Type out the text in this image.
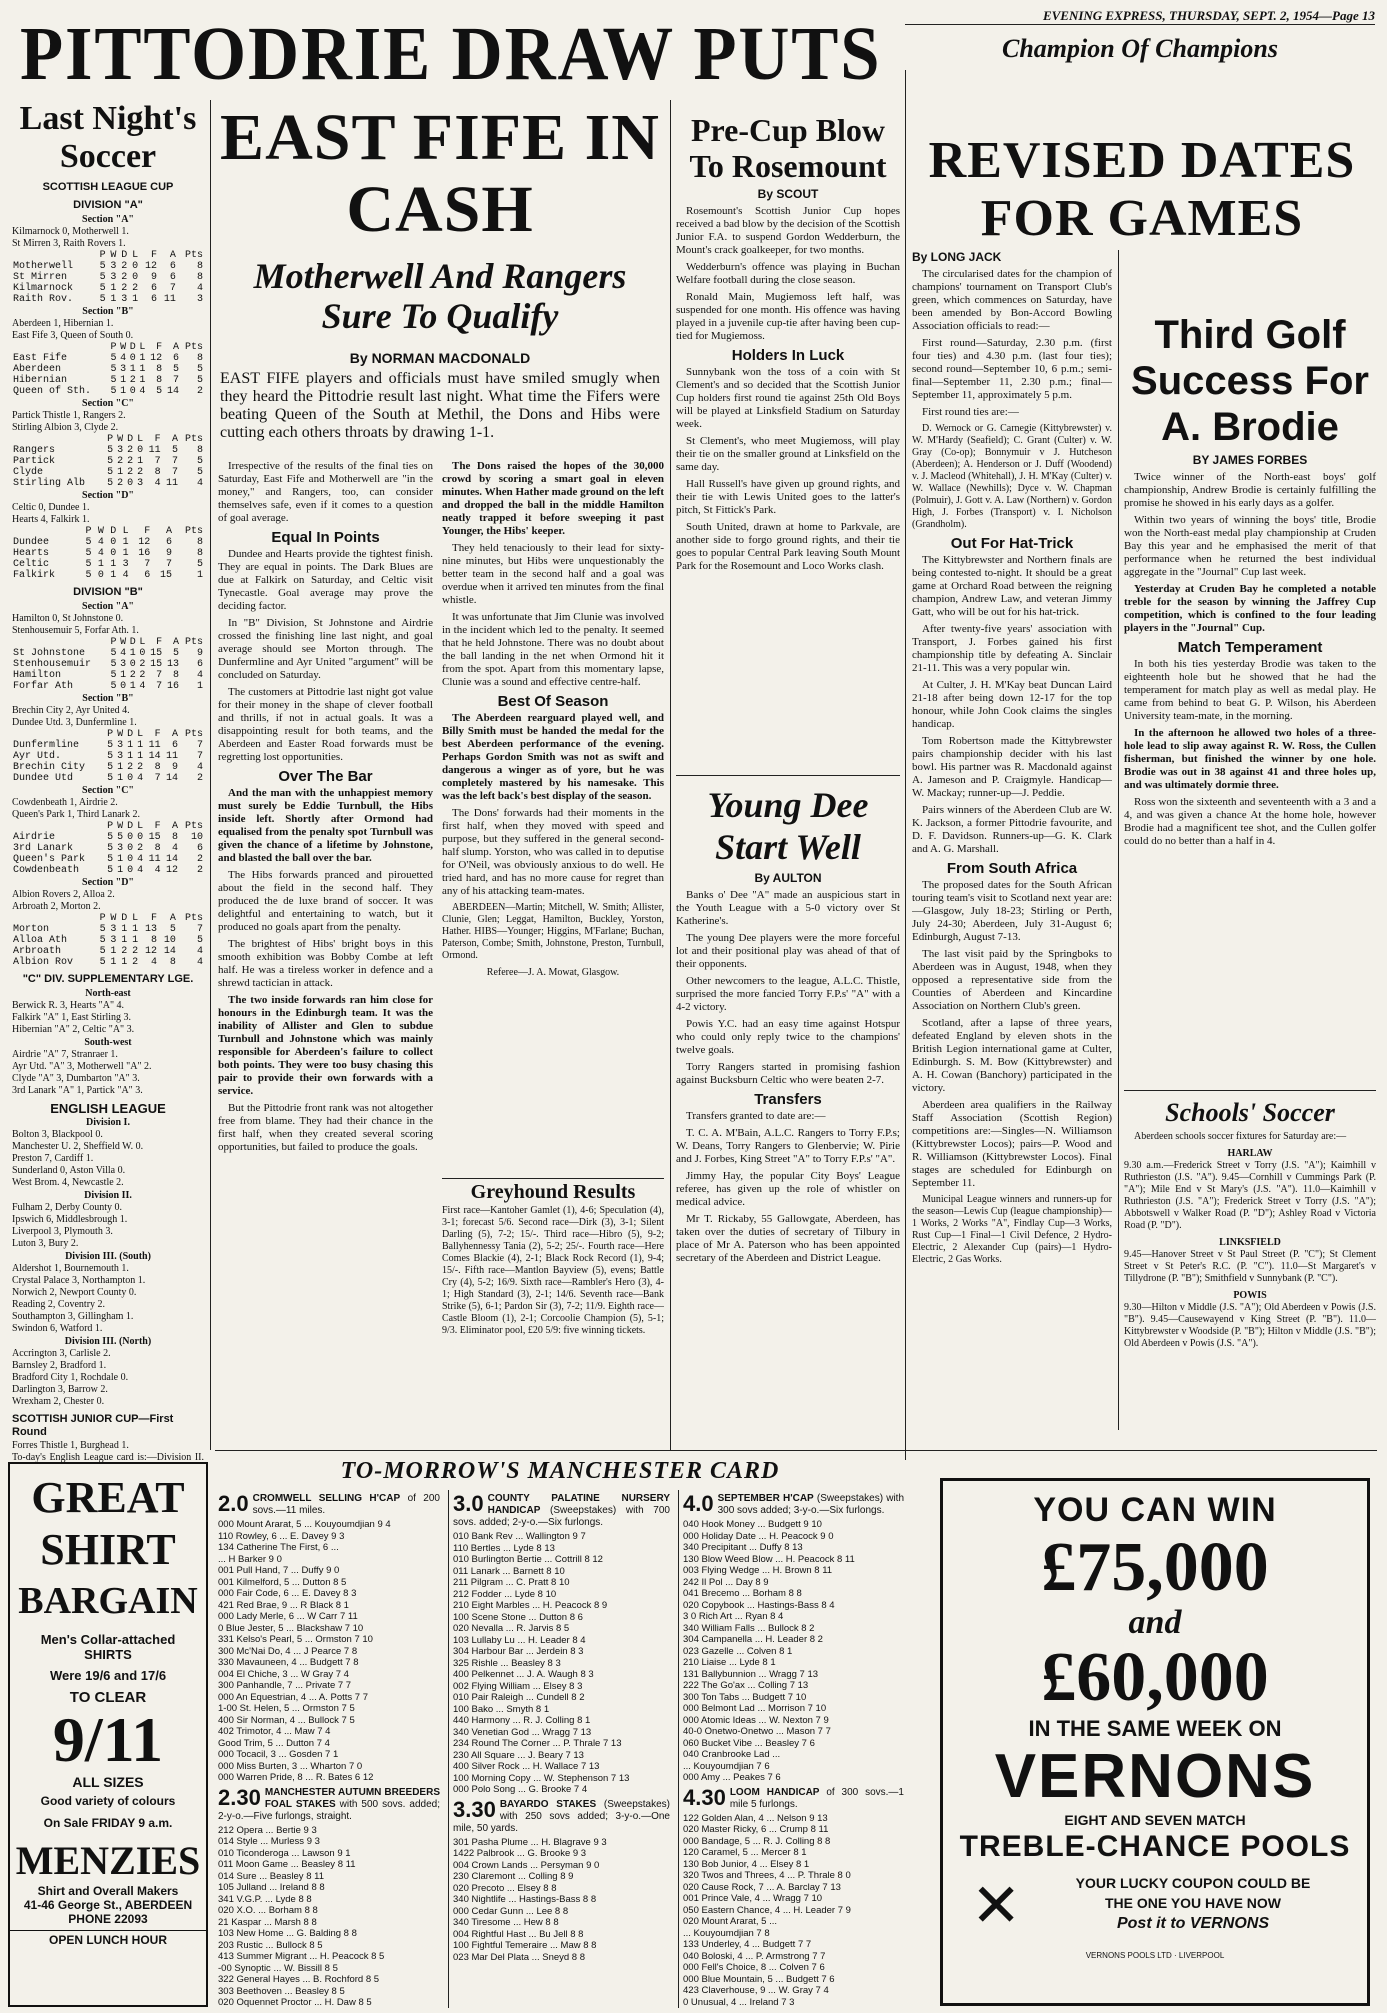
PITTODRIE DRAW PUTS	EVENING EXPRESS, THURSDAY, SEPT. 2, 1954—Page 13
Champion Of Champions
Last Night's Soccer
SCOTTISH LEAGUE CUP
DIVISION "A"
Section "A"
Kilmarnock 0, Motherwell 1.
St Mirren 3, Raith Rovers 1.
	P	W	D	L	F	A	Pts
Motherwell	5	3	2	0	12	6	8
St Mirren	5	3	2	0	9	6	8
Kilmarnock	5	1	2	2	6	7	4
Raith Rov.	5	1	3	1	6	11	3
Section "B"
Aberdeen 1, Hibernian 1.
East Fife 3, Queen of South 0.
	P	W	D	L	F	A	Pts
East Fife	5	4	0	1	12	6	8
Aberdeen	5	3	1	1	8	5	5
Hibernian	5	1	2	1	8	7	5
Queen of Sth.	5	1	0	4	5	14	2
Section "C"
Partick Thistle 1, Rangers 2.
Stirling Albion 3, Clyde 2.
	P	W	D	L	F	A	Pts
Rangers	5	3	2	0	11	5	8
Partick	5	2	2	1	7	7	5
Clyde	5	1	2	2	8	7	5
Stirling Alb	5	2	0	3	4	11	4
Section "D"
Celtic 0, Dundee 1.
Hearts 4, Falkirk 1.
	P	W	D	L	F	A	Pts
Dundee	5	4	0	1	12	6	8
Hearts	5	4	0	1	16	9	8
Celtic	5	1	1	3	7	7	5
Falkirk	5	0	1	4	6	15	1
DIVISION "B"
Section "A"
Hamilton 0, St Johnstone 0.
Stenhousemuir 5, Forfar Ath. 1.
	P	W	D	L	F	A	Pts
St Johnstone	5	4	1	0	15	5	9
Stenhousemuir	5	3	0	2	15	13	6
Hamilton	5	1	2	2	7	8	4
Forfar Ath	5	0	1	4	7	16	1
Section "B"
Brechin City 2, Ayr United 4.
Dundee Utd. 3, Dunfermline 1.
	P	W	D	L	F	A	Pts
Dunfermline	5	3	1	1	11	6	7
Ayr Utd.	5	3	1	1	14	11	7
Brechin City	5	1	2	2	8	9	4
Dundee Utd	5	1	0	4	7	14	2
Section "C"
Cowdenbeath 1, Airdrie 2.
Queen's Park 1, Third Lanark 2.
	P	W	D	L	F	A	Pts
Airdrie	5	5	0	0	15	8	10
3rd Lanark	5	3	0	2	8	4	6
Queen's Park	5	1	0	4	11	14	2
Cowdenbeath	5	1	0	4	4	12	2
Section "D"
Albion Rovers 2, Alloa 2.
Arbroath 2, Morton 2.
	P	W	D	L	F	A	Pts
Morton	5	3	1	1	13	5	7
Alloa Ath	5	3	1	1	8	10	5
Arbroath	5	1	2	2	12	14	4
Albion Rov	5	1	1	2	4	8	4
"C" DIV. SUPPLEMENTARY LGE.
North-east
Berwick R. 3, Hearts "A" 4.
Falkirk "A" 1, East Stirling 3.
Hibernian "A" 2, Celtic "A" 3.
South-west
Airdrie "A" 7, Stranraer 1.
Ayr Utd. "A" 3, Motherwell "A" 2.
Clyde "A" 3, Dumbarton "A" 3.
3rd Lanark "A" 1, Partick "A" 3.
ENGLISH LEAGUE
Division I.
Bolton 3, Blackpool 0.
Manchester U. 2, Sheffield W. 0.
Preston 7, Cardiff 1.
Sunderland 0, Aston Villa 0.
West Brom. 4, Newcastle 2.
Division II.
Fulham 2, Derby County 0.
Ipswich 6, Middlesbrough 1.
Liverpool 3, Plymouth 3.
Luton 3, Bury 2.
Division III. (South)
Aldershot 1, Bournemouth 1.
Crystal Palace 3, Northampton 1.
Norwich 2, Newport County 0.
Reading 2, Coventry 2.
Southampton 3, Gillingham 1.
Swindon 6, Watford 1.
Division III. (North)
Accrington 3, Carlisle 2.
Barnsley 2, Bradford 1.
Bradford City 1, Rochdale 0.
Darlington 3, Barrow 2.
Wrexham 2, Chester 0.
SCOTTISH JUNIOR CUP—First Round
Forres Thistle 1, Burghead 1.
To-day's English League card is:—Division II.
GREAT
SHIRT
BARGAIN
Men's Collar-attached SHIRTS
Were 19/6 and 17/6
TO CLEAR
9/11
ALL SIZES
Good variety of colours
On Sale FRIDAY 9 a.m.
MENZIES
Shirt and Overall Makers
41-46 George St., ABERDEEN
PHONE 22093
OPEN LUNCH HOUR
EAST FIFE IN CASH
Motherwell And Rangers Sure To Qualify
By NORMAN MACDONALD
EAST FIFE players and officials must have smiled smugly when they heard the Pittodrie result last night. What time the Fifers were beating Queen of the South at Methil, the Dons and Hibs were cutting each others throats by drawing 1-1.

Irrespective of the results of the final ties on Saturday, East Fife and Motherwell are "in the money," and Rangers, too, can consider themselves safe, even if it comes to a question of goal average.

Equal In Points

Dundee and Hearts provide the tightest finish. They are equal in points. The Dark Blues are due at Falkirk on Saturday, and Celtic visit Tynecastle. Goal average may prove the deciding factor.

In "B" Division, St Johnstone and Airdrie crossed the finishing line last night, and goal average should see Morton through. The Dunfermline and Ayr United "argument" will be concluded on Saturday.

The customers at Pittodrie last night got value for their money in the shape of clever football and thrills, if not in actual goals. It was a disappointing result for both teams, and the Aberdeen and Easter Road forwards must be regretting lost opportunities.

Over The Bar

And the man with the unhappiest memory must surely be Eddie Turnbull, the Hibs inside left. Shortly after Ormond had equalised from the penalty spot Turnbull was given the chance of a lifetime by Johnstone, and blasted the ball over the bar.

The Hibs forwards pranced and pirouetted about the field in the second half. They produced the de luxe brand of soccer. It was delightful and entertaining to watch, but it produced no goals apart from the penalty.

The brightest of Hibs' bright boys in this smooth exhibition was Bobby Combe at left half. He was a tireless worker in defence and a shrewd tactician in attack.

The two inside forwards ran him close for honours in the Edinburgh team. It was the inability of Allister and Glen to subdue Turnbull and Johnstone which was mainly responsible for Aberdeen's failure to collect both points. They were too busy chasing this pair to provide their own forwards with a service.

But the Pittodrie front rank was not altogether free from blame. They had their chance in the first half, when they created several scoring opportunities, but failed to produce the goals.

The Dons raised the hopes of the 30,000 crowd by scoring a smart goal in eleven minutes. When Hather made ground on the left and dropped the ball in the middle Hamilton neatly trapped it before sweeping it past Younger, the Hibs' keeper.

They held tenaciously to their lead for sixty-nine minutes, but Hibs were unquestionably the better team in the second half and a goal was overdue when it arrived ten minutes from the final whistle.

It was unfortunate that Jim Clunie was involved in the incident which led to the penalty. It seemed that he held Johnstone. There was no doubt about the ball landing in the net when Ormond hit it from the spot. Apart from this momentary lapse, Clunie was a sound and effective centre-half.

Best Of Season

The Aberdeen rearguard played well, and Billy Smith must be handed the medal for the best Aberdeen performance of the evening. Perhaps Gordon Smith was not as swift and dangerous a winger as of yore, but he was completely mastered by his namesake. This was the left back's best display of the season.

The Dons' forwards had their moments in the first half, when they moved with speed and purpose, but they suffered in the general second-half slump. Yorston, who was called in to deputise for O'Neil, was obviously anxious to do well. He tried hard, and has no more cause for regret than any of his attacking team-mates.

ABERDEEN—Martin; Mitchell, W. Smith; Allister, Clunie, Glen; Leggat, Hamilton, Buckley, Yorston, Hather. HIBS—Younger; Higgins, M'Farlane; Buchan, Paterson, Combe; Smith, Johnstone, Preston, Turnbull, Ormond.

Referee—J. A. Mowat, Glasgow.
Greyhound Results
First race—Kantoher Gamlet (1), 4-6; Speculation (4), 3-1; forecast 5/6. Second race—Dirk (3), 3-1; Silent Darling (5), 7-2; 15/-. Third race—Hibro (5), 9-2; Ballyhennessy Tania (2), 5-2; 25/-. Fourth race—Here Comes Blackie (4), 2-1; Black Rock Record (1), 9-4; 15/-. Fifth race—Mantlon Bayview (5), evens; Battle Cry (4), 5-2; 16/9. Sixth race—Rambler's Hero (3), 4-1; High Standard (3), 2-1; 14/6. Seventh race—Bank Strike (5), 6-1; Pardon Sir (3), 7-2; 11/9. Eighth race—Castle Bloom (1), 2-1; Corcoolie Champion (5), 5-1; 9/3. Eliminator pool, £20 5/9: five winning tickets.
Pre-Cup Blow To Rosemount
By SCOUT

Rosemount's Scottish Junior Cup hopes received a bad blow by the decision of the Scottish Junior F.A. to suspend Gordon Wedderburn, the Mount's crack goalkeeper, for two months.

Wedderburn's offence was playing in Buchan Welfare football during the close season.

Ronald Main, Mugiemoss left half, was suspended for one month. His offence was having played in a juvenile cup-tie after having been cup-tied for Mugiemoss.

Holders In Luck

Sunnybank won the toss of a coin with St Clement's and so decided that the Scottish Junior Cup holders first round tie against 25th Old Boys will be played at Linksfield Stadium on Saturday week.

St Clement's, who meet Mugiemoss, will play their tie on the smaller ground at Linksfield on the same day.

Hall Russell's have given up ground rights, and their tie with Lewis United goes to the latter's pitch, St Fittick's Park.

South United, drawn at home to Parkvale, are another side to forgo ground rights, and their tie goes to popular Central Park leaving South Mount Park for the Rosemount and Loco Works clash.

Young Dee Start Well
By AULTON

Banks o' Dee "A" made an auspicious start in the Youth League with a 5-0 victory over St Katherine's.

The young Dee players were the more forceful lot and their positional play was ahead of that of their opponents.

Other newcomers to the league, A.L.C. Thistle, surprised the more fancied Torry F.P.s' "A" with a 4-2 victory.

Powis Y.C. had an easy time against Hotspur who could only reply twice to the champions' twelve goals.

Torry Rangers started in promising fashion against Bucksburn Celtic who were beaten 2-7.

Transfers

Transfers granted to date are:—

T. C. A. M'Bain, A.L.C. Rangers to Torry F.P.s; W. Deans, Torry Rangers to Glenbervie; W. Pirie and J. Forbes, King Street "A" to Torry F.P.s' "A".

Jimmy Hay, the popular City Boys' League referee, has given up the role of whistler on medical advice.

Mr T. Rickaby, 55 Gallowgate, Aberdeen, has taken over the duties of secretary of Tilbury in place of Mr A. Paterson who has been appointed secretary of the Aberdeen and District League.

REVISED DATES FOR GAMES
By LONG JACK

The circularised dates for the champion of champions' tournament on Transport Club's green, which commences on Saturday, have been amended by Bon-Accord Bowling Association officials to read:—

First round—Saturday, 2.30 p.m. (first four ties) and 4.30 p.m. (last four ties); second round—September 10, 6 p.m.; semi-final—September 11, 2.30 p.m.; final—September 11, approximately 5 p.m.

First round ties are:—

D. Wernock or G. Carnegie (Kittybrewster) v. W. M'Hardy (Seafield); C. Grant (Culter) v. W. Gray (Co-op); Bonnymuir v J. Hutcheson (Aberdeen); A. Henderson or J. Duff (Woodend) v. J. Macleod (Whitehall), J. H. M'Kay (Culter) v. W. Wallace (Newhills); Dyce v. W. Chapman (Polmuir), J. Gott v. A. Law (Northern) v. Gordon High, J. Forbes (Transport) v. I. Nicholson (Grandholm).

Out For Hat-Trick

The Kittybrewster and Northern finals are being contested to-night. It should be a great game at Orchard Road between the reigning champion, Andrew Law, and veteran Jimmy Gatt, who will be out for his hat-trick.

After twenty-five years' association with Transport, J. Forbes gained his first championship title by defeating A. Sinclair 21-11. This was a very popular win.

At Culter, J. H. M'Kay beat Duncan Laird 21-18 after being down 12-17 for the top honour, while John Cook claims the singles handicap.

Tom Robertson made the Kittybrewster pairs championship decider with his last bowl. His partner was R. Macdonald against A. Jameson and P. Craigmyle. Handicap—W. Mackay; runner-up—J. Peddie.

Pairs winners of the Aberdeen Club are W. K. Jackson, a former Pittodrie favourite, and D. F. Davidson. Runners-up—G. K. Clark and A. G. Marshall.

From South Africa

The proposed dates for the South African touring team's visit to Scotland next year are:—Glasgow, July 18-23; Stirling or Perth, July 24-30; Aberdeen, July 31-August 6; Edinburgh, August 7-13.

The last visit paid by the Springboks to Aberdeen was in August, 1948, when they opposed a representative side from the Counties of Aberdeen and Kincardine Association on Northern Club's green.

Scotland, after a lapse of three years, defeated England by eleven shots in the British Legion international game at Culter, Edinburgh. S. M. Bow (Kittybrewster) and A. H. Cowan (Banchory) participated in the victory.

Aberdeen area qualifiers in the Railway Staff Association (Scottish Region) competitions are:—Singles—N. Williamson (Kittybrewster Locos); pairs—P. Wood and R. Williamson (Kittybrewster Locos). Final stages are scheduled for Edinburgh on September 11.

Municipal League winners and runners-up for the season—Lewis Cup (league championship)—1 Works, 2 Works "A", Findlay Cup—3 Works, Rust Cup—1 Final—1 Civil Defence, 2 Hydro-Electric, 2 Alexander Cup (pairs)—1 Hydro-Electric, 2 Gas Works.

Third Golf Success For A. Brodie
BY JAMES FORBES

Twice winner of the North-east boys' golf championship, Andrew Brodie is certainly fulfilling the promise he showed in his early days as a golfer.

Within two years of winning the boys' title, Brodie won the North-east medal play championship at Cruden Bay this year and he emphasised the merit of that performance when he returned the best individual aggregate in the "Journal" Cup last week.

Yesterday at Cruden Bay he completed a notable treble for the season by winning the Jaffrey Cup competition, which is confined to the four leading players in the "Journal" Cup.

Match Temperament

In both his ties yesterday Brodie was taken to the eighteenth hole but he showed that he had the temperament for match play as well as medal play. He came from behind to beat G. P. Wilson, his Aberdeen University team-mate, in the morning.

In the afternoon he allowed two holes of a three-hole lead to slip away against R. W. Ross, the Cullen fisherman, but finished the winner by one hole. Brodie was out in 38 against 41 and three holes up, and was ultimately dormie three.

Ross won the sixteenth and seventeenth with a 3 and a 4, and was given a chance At the home hole, however Brodie had a magnificent tee shot, and the Cullen golfer could do no better than a half in 4.

Schools' Soccer

Aberdeen schools soccer fixtures for Saturday are:—

HARLAW

9.30 a.m.—Frederick Street v Torry (J.S. "A"); Kaimhill v Ruthrieston (J.S. "A"). 9.45—Cornhill v Cummings Park (P. "A"); Mile End v St Mary's (J.S. "A"). 11.0—Kaimhill v Ruthrieston (J.S. "A"); Frederick Street v Torry (J.S. "A"); Abbotswell v Walker Road (P. "D"); Ashley Road v Victoria Road (P. "D").

LINKSFIELD

9.45—Hanover Street v St Paul Street (P. "C"); St Clement Street v St Peter's R.C. (P. "C"). 11.0—St Margaret's v Tillydrone (P. "B"); Smithfield v Sunnybank (P. "C").

POWIS

9.30—Hilton v Middle (J.S. "A"); Old Aberdeen v Powis (J.S. "B"). 9.45—Causewayend v King Street (P. "B"). 11.0—Kittybrewster v Woodside (P. "B"); Hilton v Middle (J.S. "B"); Old Aberdeen v Powis (J.S. "A").

TO-MORROW'S MANCHESTER CARD
2.0 CROMWELL SELLING H'CAP of 200 sovs.—11 miles.
000 Mount Ararat, 5 ... Kouyoumdjian 9 4
110 Rowley, 6 ... E. Davey 9 3
134 Catherine The First, 6 ...
... H Barker 9 0
001 Pull Hand, 7 ... Duffy 9 0
001 Kilmelford, 5 ... Dutton 8 5
000 Fair Code, 6 ... E. Davey 8 3
421 Red Brae, 9 ... R Black 8 1
000 Lady Merle, 6 ... W Carr 7 11
0 Blue Jester, 5 ... Blackshaw 7 10
331 Kelso's Pearl, 5 ... Ormston 7 10
300 Mc'Nai Do, 4 ... J Pearce 7 8
330 Mavauneen, 4 ... Budgett 7 8
004 El Chiche, 3 ... W Gray 7 4
300 Panhandle, 7 ... Private 7 7
000 An Equestrian, 4 ... A. Potts 7 7
1-00 St. Helen, 5 ... Ormston 7 5
400 Sir Norman, 4 ... Bullock 7 5
402 Trimotor, 4 ... Maw 7 4
Good Trim, 5 ... Dutton 7 4
000 Tocacil, 3 ... Gosden 7 1
000 Miss Burten, 3 ... Wharton 7 0
000 Warren Pride, 8 ... R. Bates 6 12
2.30 MANCHESTER AUTUMN BREEDERS FOAL STAKES with 500 sovs. added; 2-y-o.—Five furlongs, straight.
212 Opera ... Bertie 9 3
014 Style ... Murless 9 3
010 Ticonderoga ... Lawson 9 1
011 Moon Game ... Beasley 8 11
014 Sure ... Beasley 8 11
105 Julland ... Ireland 8 8
341 V.G.P. ... Lyde 8 8
020 X.O. ... Borham 8 8
21 Kaspar ... Marsh 8 8
103 New Home ... G. Balding 8 8
203 Rustic ... Bullock 8 5
413 Summer Migrant ... H. Peacock 8 5
-00 Synoptic ... W. Bissill 8 5
322 General Hayes ... B. Rochford 8 5
303 Beethoven ... Beasley 8 5
020 Oquennet Proctor ... H. Daw 8 5
3.0 COUNTY PALATINE NURSERY HANDICAP (Sweepstakes) with 700 sovs. added; 2-y-o.—Six furlongs.
010 Bank Rev ... Wallington 9 7
110 Bertles ... Lyde 8 13
010 Burlington Bertie ... Cottrill 8 12
011 Lanark ... Barnett 8 10
211 Pilgram ... C. Pratt 8 10
212 Fodder ... Lyde 8 10
210 Eight Marbles ... H. Peacock 8 9
100 Scene Stone ... Dutton 8 6
020 Nevalla ... R. Jarvis 8 5
103 Lullaby Lu ... H. Leader 8 4
304 Harbour Bar ... Jerdein 8 3
325 Rishle ... Beasley 8 3
400 Pelkennet ... J. A. Waugh 8 3
002 Flying William ... Elsey 8 3
010 Pair Raleigh ... Cundell 8 2
100 Bako ... Smyth 8 1
440 Harmony ... R. J. Colling 8 1
340 Venetian God ... Wragg 7 13
234 Round The Corner ... P. Thrale 7 13
230 All Square ... J. Beary 7 13
400 Silver Rock ... H. Wallace 7 13
100 Morning Copy ... W. Stephenson 7 13
000 Polo Song ... G. Brooke 7 4
3.30 BAYARDO STAKES (Sweepstakes) with 250 sovs added; 3-y-o.—One mile, 50 yards.
301 Pasha Plume ... H. Blagrave 9 3
1422 Palbrook ... G. Brooke 9 3
004 Crown Lands ... Persyman 9 0
230 Claremont ... Colling 8 9
020 Precoto ... Elsey 8 8
340 Nightlife ... Hastings-Bass 8 8
000 Cedar Gunn ... Lee 8 8
340 Tiresome ... Hew 8 8
004 Rightful Hast ... Bu Jell 8 8
100 Fightful Temeraire ... Maw 8 8
023 Mar Del Plata ... Sneyd 8 8
4.0 SEPTEMBER H'CAP (Sweepstakes) with 300 sovs added; 3-y-o.—Six furlongs.
040 Hook Money ... Budgett 9 10
000 Holiday Date ... H. Peacock 9 0
340 Precipitant ... Duffy 8 13
130 Blow Weed Blow ... H. Peacock 8 11
003 Flying Wedge ... H. Brown 8 11
242 Il Pol ... Day 8 9
041 Brecemo ... Borham 8 8
020 Copybook ... Hastings-Bass 8 4
3 0 Rich Art ... Ryan 8 4
340 William Falls ... Bullock 8 2
304 Campanella ... H. Leader 8 2
023 Gazelle ... Colven 8 1
210 Liaise ... Lyde 8 1
131 Ballybunnion ... Wragg 7 13
222 The Go'ax ... Colling 7 13
300 Ton Tabs ... Budgett 7 10
000 Belmont Lad ... Morrison 7 10
000 Atomic Ideas ... W. Nexton 7 9
40-0 Onetwo-Onetwo ... Mason 7 7
060 Bucket Vibe ... Beasley 7 6
040 Cranbrooke Lad ...
... Kouyoumdjian 7 6
000 Amy ... Peakes 7 6
4.30 LOOM HANDICAP of 300 sovs.—1 mile 5 furlongs.
122 Golden Alan, 4 ... Nelson 9 13
020 Master Ricky, 6 ... Crump 8 11
000 Bandage, 5 ... R. J. Colling 8 8
120 Caramel, 5 ... Mercer 8 1
130 Bob Junior, 4 ... Elsey 8 1
320 Twos and Threes, 4 ... P. Thrale 8 0
020 Cause Rock, 7 ... A. Barclay 7 13
001 Prince Vale, 4 ... Wragg 7 10
050 Eastern Chance, 4 ... H. Leader 7 9
020 Mount Ararat, 5 ...
... Kouyoumdjian 7 8
133 Underley, 4 ... Budgett 7 7
040 Boloski, 4 ... P. Armstrong 7 7
000 Fell's Choice, 8 ... Colven 7 6
000 Blue Mountain, 5 ... Budgett 7 6
423 Claverhouse, 9 ... W. Gray 7 4
0 Unusual, 4 ... Ireland 7 3
YOU CAN WIN
£75,000
and
£60,000
IN THE SAME WEEK ON
VERNONS
EIGHT AND SEVEN MATCH
TREBLE-CHANCE POOLS
✕	YOUR LUCKY COUPON COULD BE
THE ONE YOU HAVE NOW
Post it to VERNONS
VERNONS POOLS LTD · LIVERPOOL
